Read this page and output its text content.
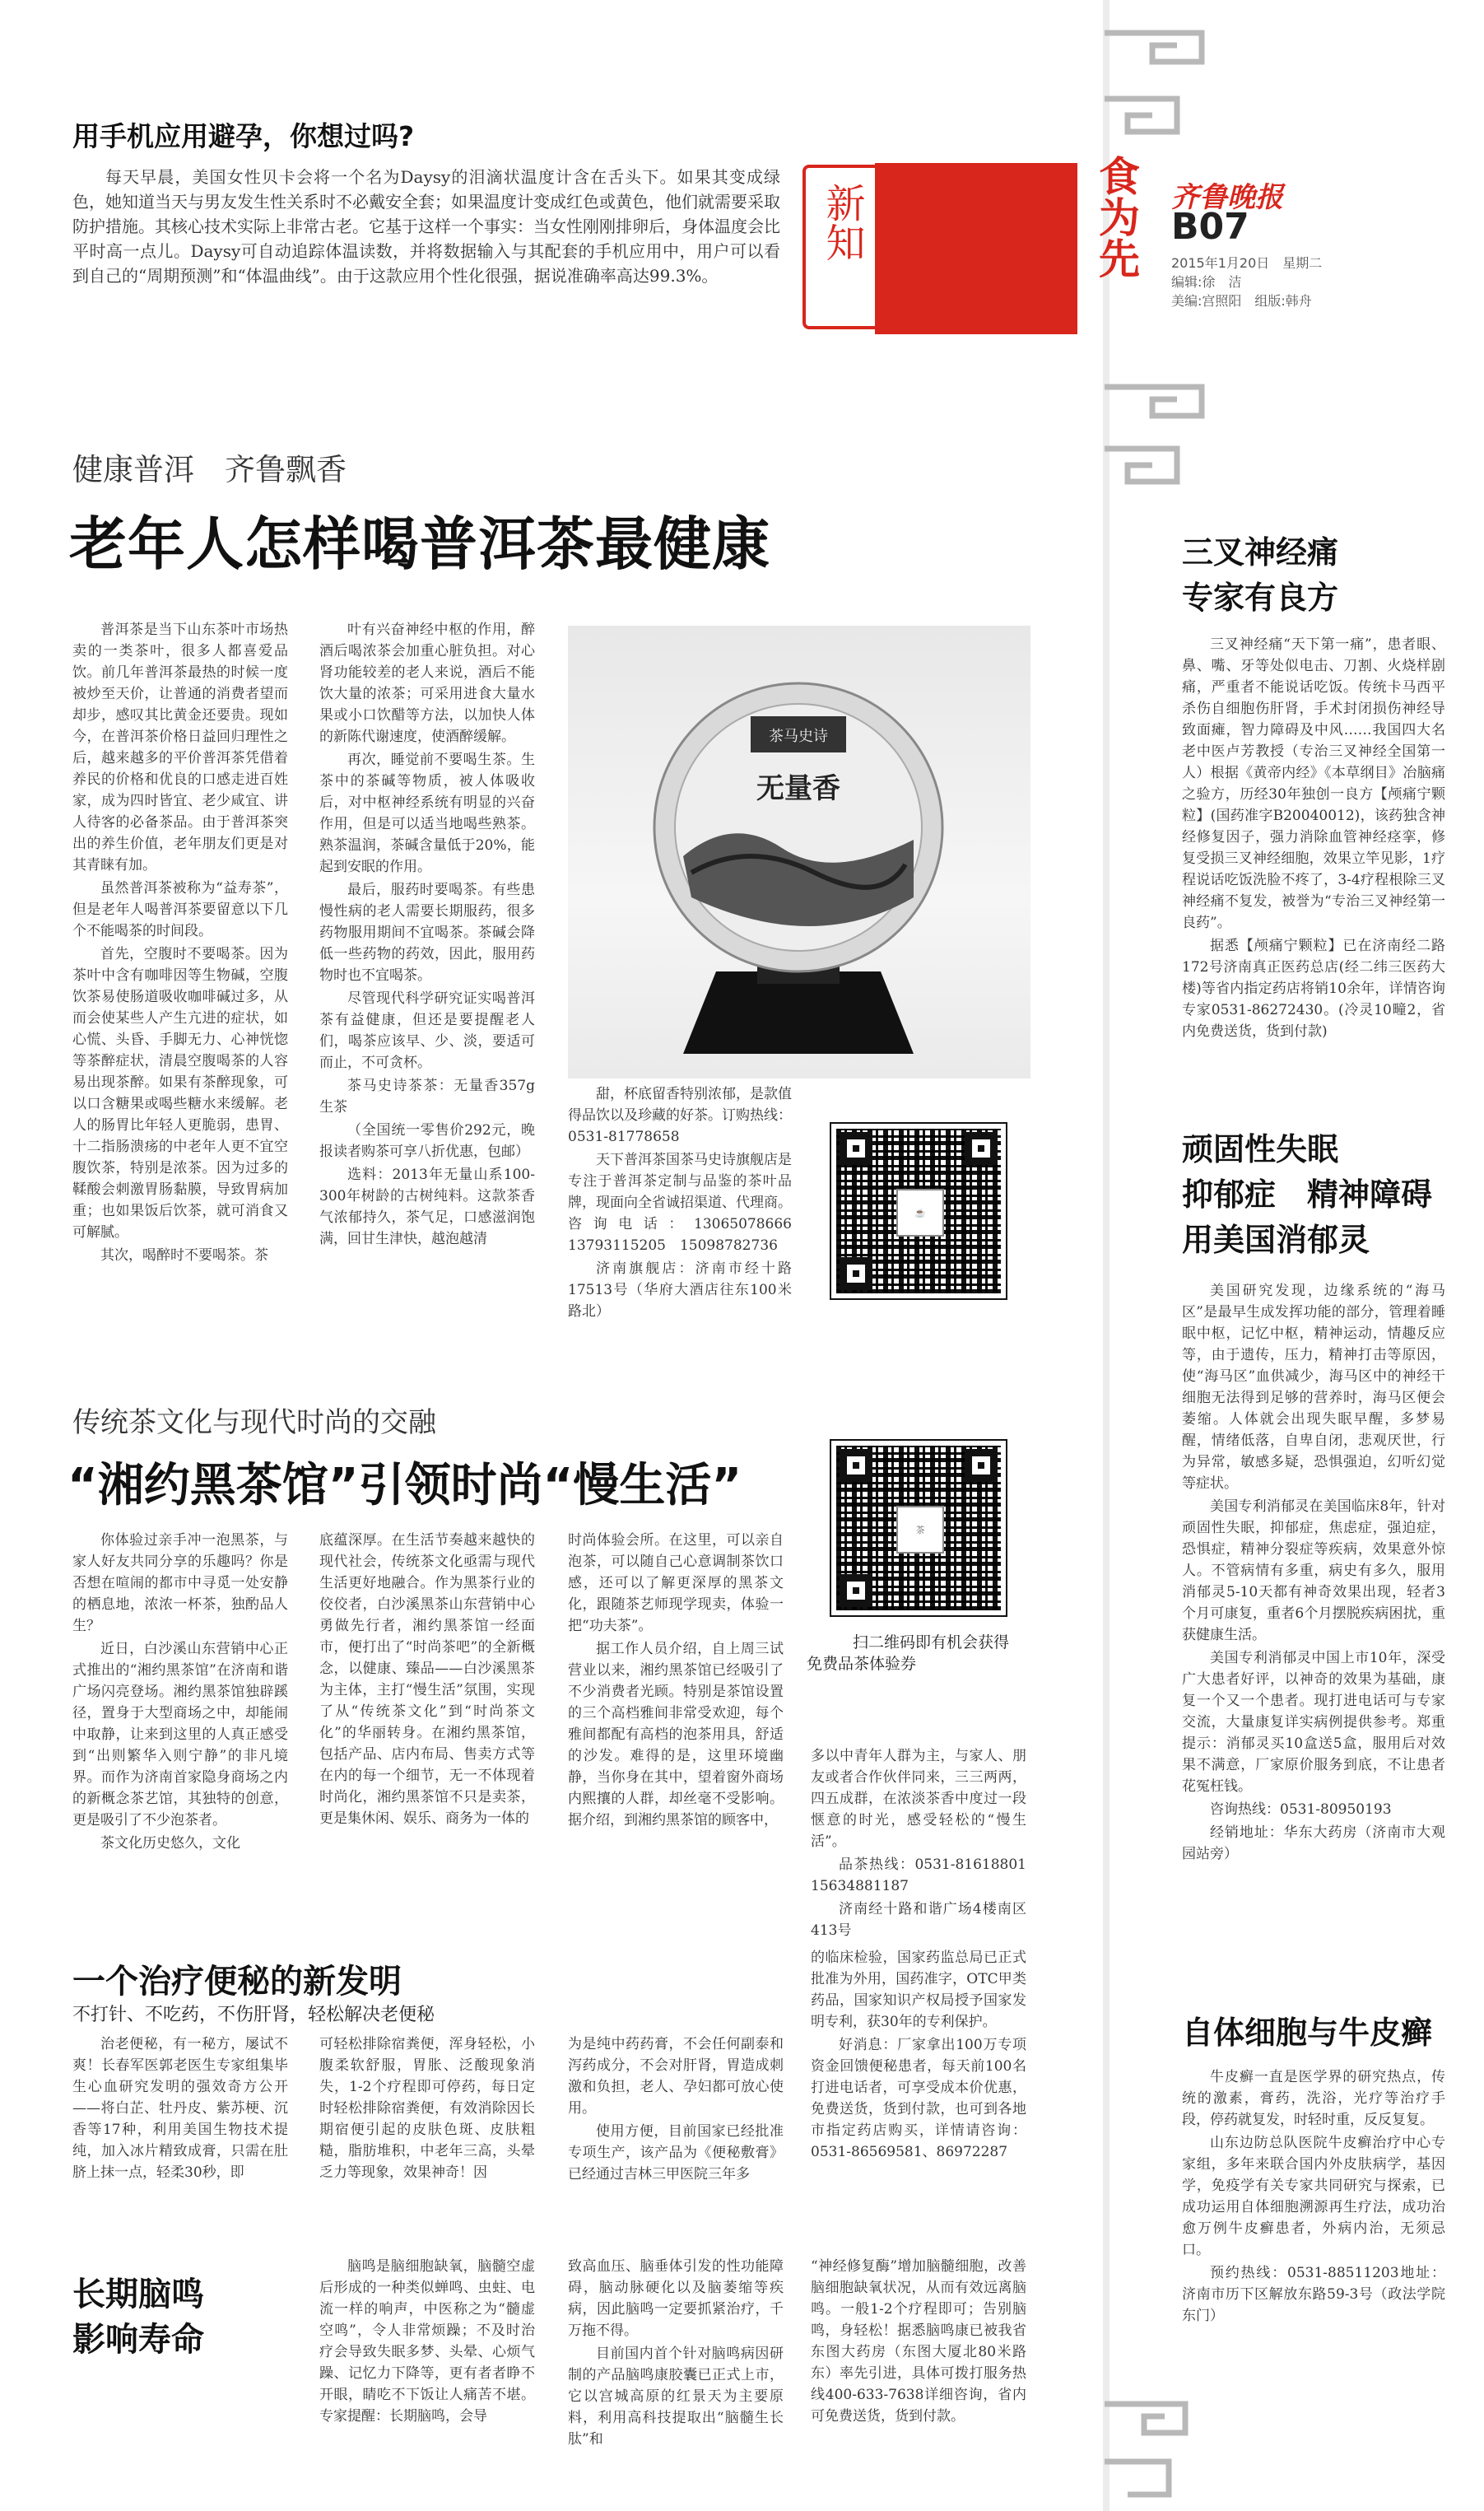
食为先 齐鲁晚报
B07
2015年1月20日　星期二
编辑:徐　洁
美编:宫照阳　组版:韩舟
新知
用手机应用避孕，你想过吗?

每天早晨，美国女性贝卡会将一个名为Daysy的泪滴状温度计含在舌头下。如果其变成绿色，她知道当天与男友发生性关系时不必戴安全套；如果温度计变成红色或黄色，他们就需要采取防护措施。其核心技术实际上非常古老。它基于这样一个事实：当女性刚刚排卵后，身体温度会比平时高一点儿。Daysy可自动追踪体温读数，并将数据输入与其配套的手机应用中，用户可以看到自己的“周期预测”和“体温曲线”。由于这款应用个性化很强，据说准确率高达99.3%。

健康普洱　齐鲁飘香
老年人怎样喝普洱茶最健康

普洱茶是当下山东茶叶市场热卖的一类茶叶，很多人都喜爱品饮。前几年普洱茶最热的时候一度被炒至天价，让普通的消费者望而却步，感叹其比黄金还要贵。现如今，在普洱茶价格日益回归理性之后，越来越多的平价普洱茶凭借着养民的价格和优良的口感走进百姓家，成为四时皆宜、老少咸宜、讲人待客的必备茶品。由于普洱茶突出的养生价值，老年朋友们更是对其青睐有加。

虽然普洱茶被称为“益寿茶”，但是老年人喝普洱茶要留意以下几个不能喝茶的时间段。

首先，空腹时不要喝茶。因为茶叶中含有咖啡因等生物碱，空腹饮茶易使肠道吸收咖啡碱过多，从而会使某些人产生亢进的症状，如心慌、头昏、手脚无力、心神恍惚等茶醉症状，清晨空腹喝茶的人容易出现茶醉。如果有茶醉现象，可以口含糖果或喝些糖水来缓解。老人的肠胃比年轻人更脆弱，患胃、十二指肠溃疡的中老年人更不宜空腹饮茶，特别是浓茶。因为过多的鞣酸会刺激胃肠黏膜，导致胃病加重；也如果饭后饮茶，就可消食又可解腻。

其次，喝醉时不要喝茶。茶

叶有兴奋神经中枢的作用，醉酒后喝浓茶会加重心脏负担。对心肾功能较差的老人来说，酒后不能饮大量的浓茶；可采用进食大量水果或小口饮醋等方法，以加快人体的新陈代谢速度，使酒醉缓解。

再次，睡觉前不要喝生茶。生茶中的茶碱等物质，被人体吸收后，对中枢神经系统有明显的兴奋作用，但是可以适当地喝些熟茶。熟茶温润，茶碱含量低于20%，能起到安眠的作用。

最后，服药时要喝茶。有些患慢性病的老人需要长期服药，很多药物服用期间不宜喝茶。茶碱会降低一些药物的药效，因此，服用药物时也不宜喝茶。

尽管现代科学研究证实喝普洱茶有益健康，但还是要提醒老人们，喝茶应该早、少、淡，要适可而止，不可贪杯。

茶马史诗茶茶：无量香357g　生茶

（全国统一零售价292元，晚报读者购茶可享八折优惠，包邮）

选料：2013年无量山系100-300年树龄的古树纯料。这款茶香气浓郁持久，茶气足，口感滋润饱满，回甘生津快，越泡越清

茶马史诗
无量香

甜，杯底留香特别浓郁，是款值得品饮以及珍藏的好茶。订购热线：0531-81778658

天下普洱茶国茶马史诗旗舰店是专注于普洱茶定制与品鉴的茶叶品牌，现面向全省诚招渠道、代理商。咨询电话：13065078666　13793115205　15098782736

济南旗舰店：济南市经十路17513号（华府大酒店往东100米路北）

☕
传统茶文化与现代时尚的交融
“湘约黑茶馆”引领时尚“慢生活”
茶
扫二维码即有机会获得
免费品茶体验券

你体验过亲手冲一泡黑茶，与家人好友共同分享的乐趣吗？你是否想在喧闹的都市中寻觅一处安静的栖息地，浓浓一杯茶，独酌品人生？

近日，白沙溪山东营销中心正式推出的“湘约黑茶馆”在济南和谐广场闪亮登场。湘约黑茶馆独辟蹊径，置身于大型商场之中，却能闹中取静，让来到这里的人真正感受到“出则繁华入则宁静”的非凡境界。而作为济南首家隐身商场之内的新概念茶艺馆，其独特的创意，更是吸引了不少泡茶者。

茶文化历史悠久，文化

底蕴深厚。在生活节奏越来越快的现代社会，传统茶文化亟需与现代生活更好地融合。作为黑茶行业的佼佼者，白沙溪黑茶山东营销中心勇做先行者，湘约黑茶馆一经面市，便打出了“时尚茶吧”的全新概念，以健康、臻品——白沙溪黑茶为主体，主打“慢生活”氛围，实现了从“传统茶文化”到“时尚茶文化”的华丽转身。在湘约黑茶馆，包括产品、店内布局、售卖方式等在内的每一个细节，无一不体现着时尚化，湘约黑茶馆不只是卖茶，更是集休闲、娱乐、商务为一体的

时尚体验会所。在这里，可以亲自泡茶，可以随自己心意调制茶饮口感，还可以了解更深厚的黑茶文化，跟随茶艺师现学现卖，体验一把“功夫茶”。

据工作人员介绍，自上周三试营业以来，湘约黑茶馆已经吸引了不少消费者光顾。特别是茶馆设置的三个高档雅间非常受欢迎，每个雅间都配有高档的泡茶用具，舒适的沙发。难得的是，这里环境幽静，当你身在其中，望着窗外商场内熙攘的人群，却丝毫不受影响。据介绍，到湘约黑茶馆的顾客中，

多以中青年人群为主，与家人、朋友或者合作伙伴同来，三三两两，四五成群，在浓淡茶香中度过一段惬意的时光，感受轻松的“慢生活”。

品茶热线：0531-81618801　15634881187

济南经十路和谐广场4楼南区413号

一个治疗便秘的新发明
不打针、不吃药，不伤肝肾，轻松解决老便秘

治老便秘，有一秘方，屡试不爽！长春军医郭老医生专家组集毕生心血研究发明的强效奇方公开——将白芷、牡丹皮、紫苏梗、沉香等17种，利用美国生物技术提纯，加入冰片精致成膏，只需在肚脐上抹一点，轻柔30秒，即

可轻松排除宿粪便，浑身轻松，小腹柔软舒服，胃胀、泛酸现象消失，1-2个疗程即可停药，每日定时轻松排除宿粪便，有效消除因长期宿便引起的皮肤色斑、皮肤粗糙，脂肪堆积，中老年三高，头晕乏力等现象，效果神奇！因

为是纯中药药膏，不会任何副泰和泻药成分，不会对肝肾，胃造成刺激和负担，老人、孕妇都可放心使用。

使用方便，目前国家已经批准专项生产，该产品为《便秘敷膏》已经通过吉林三甲医院三年多

的临床检验，国家药监总局已正式批准为外用，国药准字，OTC甲类药品，国家知识产权局授予国家发明专利，获30年的专利保护。

好消息：厂家拿出100万专项资金回馈便秘患者，每天前100名打进电话者，可享受成本价优惠，免费送货，货到付款，也可到各地市指定药店购买，详情请咨询：0531-86569581、86972287

长期脑鸣
影响寿命

脑鸣是脑细胞缺氧，脑髓空虚后形成的一种类似蝉鸣、虫蛀、电流一样的响声，中医称之为“髓虚空鸣”，令人非常烦躁；不及时治疗会导致失眠多梦、头晕、心烦气躁、记忆力下降等，更有者者睁不开眼，睛吃不下饭让人痛苦不堪。专家提醒：长期脑鸣，会导

致高血压、脑垂体引发的性功能障碍，脑动脉硬化以及脑萎缩等疾病，因此脑鸣一定要抓紧治疗，千万拖不得。

目前国内首个针对脑鸣病因研制的产品脑鸣康胶囊已正式上市，它以宫城高原的红景天为主要原料，利用高科技提取出“脑髓生长肽”和

“神经修复酶”增加脑髓细胞，改善脑细胞缺氧状况，从而有效远离脑鸣。一般1-2个疗程即可；告别脑鸣，身轻松！据悉脑鸣康已被我省东图大药房（东图大厦北80米路东）率先引进，具体可拨打服务热线400-633-7638详细咨询，省内可免费送货，货到付款。

三叉神经痛
专家有良方

三叉神经痛“天下第一痛”，患者眼、鼻、嘴、牙等处似电击、刀割、火烧样剧痛，严重者不能说话吃饭。传统卡马西平杀伤自细胞伤肝肾，手术封闭损伤神经导致面瘫，智力障碍及中风……我国四大名老中医卢芳教授（专治三叉神经全国第一人）根据《黄帝内经》《本草纲目》冶脑痛之验方，历经30年独创一良方【颅痛宁颗粒】(国药准字B20040012)，该药独含神经修复因子，强力消除血管神经痉挛，修复受损三叉神经细胞，效果立竿见影，1疗程说话吃饭洗脸不疼了，3-4疗程根除三叉神经痛不复发，被誉为“专治三叉神经第一良药”。

据悉【颅痛宁颗粒】已在济南经二路172号济南真正医药总店(经二纬三医药大楼)等省内指定药店将销10余年，详情咨询专家0531-86272430。(冷灵10疃2，省内免费送货，货到付款)

顽固性失眠
抑郁症　精神障碍
用美国消郁灵

美国研究发现，边缘系统的“海马区”是最早生成发挥功能的部分，管理着睡眠中枢，记忆中枢，精神运动，情趣反应等，由于遗传，压力，精神打击等原因，使“海马区”血供减少，海马区中的神经干细胞无法得到足够的营养时，海马区便会萎缩。人体就会出现失眠早醒，多梦易醒，情绪低落，自卑自闭，悲观厌世，行为异常，敏感多疑，恐惧强迫，幻听幻觉等症状。

美国专利消郁灵在美国临床8年，针对顽固性失眠，抑郁症，焦虑症，强迫症，恐惧症，精神分裂症等疾病，效果意外惊人。不管病情有多重，病史有多久，服用消郁灵5-10天都有神奇效果出现，轻者3个月可康复，重者6个月摆脱疾病困扰，重获健康生活。

美国专利消郁灵中国上市10年，深受广大患者好评，以神奇的效果为基础，康复一个又一个患者。现打进电话可与专家交流，大量康复详实病例提供参考。郑重提示：消郁灵买10盒送5盒，服用后对效果不满意，厂家原价服务到底，不让患者花冤枉钱。

咨询热线：0531-80950193

经销地址：华东大药房（济南市大观园站旁）

自体细胞与牛皮癣

牛皮癣一直是医学界的研究热点，传统的激素，膏药，洗浴，光疗等治疗手段，停药就复发，时轻时重，反反复复。

山东边防总队医院牛皮癣治疗中心专家组，多年来联合国内外皮肤病学，基因学，免疫学有关专家共同研究与探索，已成功运用自体细胞溯源再生疗法，成功治愈万例牛皮癣患者，外病内治，无须忌口。

预约热线：0531-88511203地址：济南市历下区解放东路59-3号（政法学院东门）
